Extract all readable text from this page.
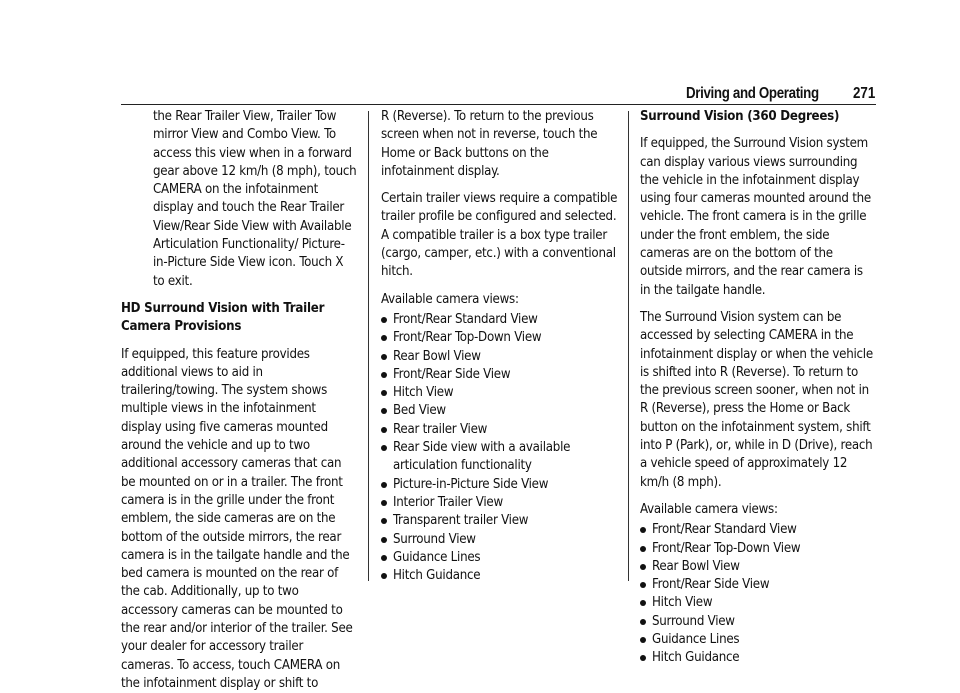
Driving and Operating 271

the Rear Trailer View, Trailer Tow mirror View and Combo View. To access this view when in a forward gear above 12 km/h (8 mph), touch CAMERA on the infotainment display and touch the Rear Trailer View/Rear Side View with Available Articulation Functionality/ Picture-in-Picture Side View icon. Touch X to exit.

HD Surround Vision with Trailer Camera Provisions

If equipped, this feature provides additional views to aid in trailering/towing. The system shows multiple views in the infotainment display using five cameras mounted around the vehicle and up to two additional accessory cameras that can be mounted on or in a trailer. The front camera is in the grille under the front emblem, the side cameras are on the bottom of the outside mirrors, the rear camera is in the tailgate handle and the bed camera is mounted on the rear of the cab. Additionally, up to two accessory cameras can be mounted to the rear and/or interior of the trailer. See your dealer for accessory trailer cameras. To access, touch CAMERA on the infotainment display or shift to

R (Reverse). To return to the previous screen when not in reverse, touch the Home or Back buttons on the infotainment display.

Certain trailer views require a compatible trailer profile be configured and selected. A compatible trailer is a box type trailer (cargo, camper, etc.) with a conventional hitch.

Available camera views:

Front/Rear Standard View
Front/Rear Top-Down View
Rear Bowl View
Front/Rear Side View
Hitch View
Bed View
Rear trailer View
Rear Side view with a available articulation functionality
Picture-in-Picture Side View
Interior Trailer View
Transparent trailer View
Surround View
Guidance Lines
Hitch Guidance

Surround Vision (360 Degrees)

If equipped, the Surround Vision system can display various views surrounding the vehicle in the infotainment display using four cameras mounted around the vehicle. The front camera is in the grille under the front emblem, the side cameras are on the bottom of the outside mirrors, and the rear camera is in the tailgate handle.

The Surround Vision system can be accessed by selecting CAMERA in the infotainment display or when the vehicle is shifted into R (Reverse). To return to the previous screen sooner, when not in R (Reverse), press the Home or Back button on the infotainment system, shift into P (Park), or, while in D (Drive), reach a vehicle speed of approximately 12 km/h (8 mph).

Available camera views:

Front/Rear Standard View
Front/Rear Top-Down View
Rear Bowl View
Front/Rear Side View
Hitch View
Surround View
Guidance Lines
Hitch Guidance
